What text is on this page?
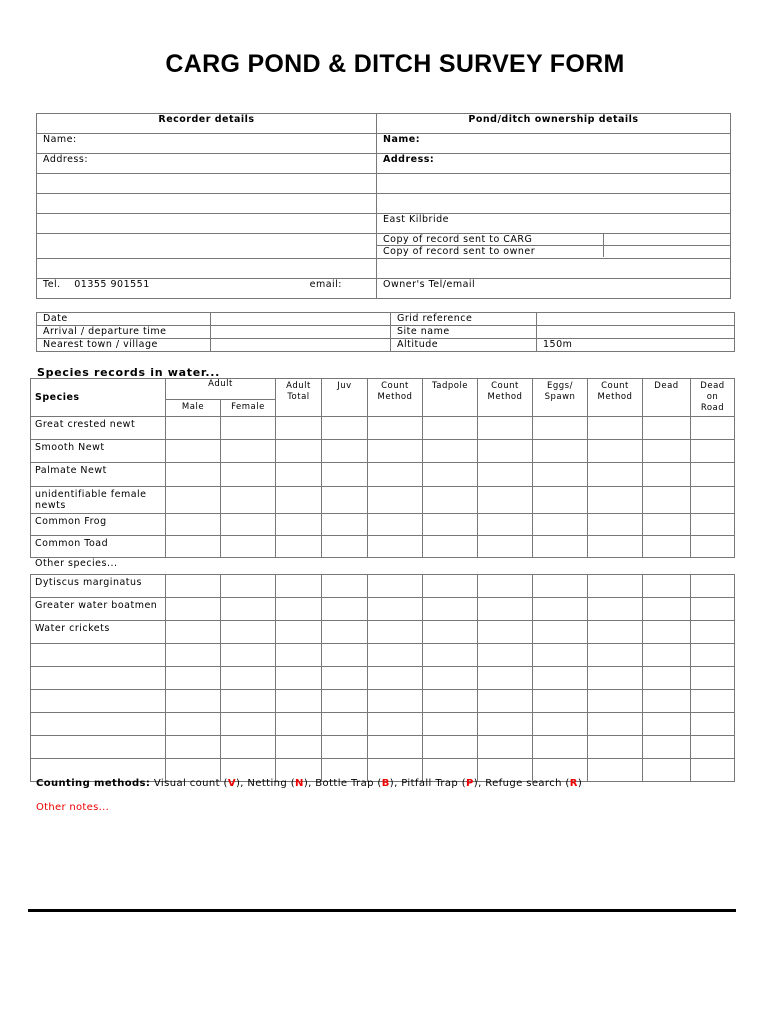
CARG POND & DITCH SURVEY FORM
Recorder details	Pond/ditch ownership details
Name:	Name:
Address:	Address:

	East Kilbride

Copy of record sent to CARG	
Copy of record sent to owner	

Tel. 01355 901551	email:	Owner's Tel/email
Date		Grid reference	
Arrival / departure time		Site name	
Nearest town / village		Altitude	150m
Species records in water...
Species	Adult		Adult Total	Juv	Count Method	Tadpole	Count Method	Eggs/ Spawn	Count Method	Dead	Dead on Road
	Male	Female									
Great crested newt											
Smooth Newt											
Palmate Newt											
unidentifiable female newts											
Common Frog											
Common Toad											
Other species...
Dytiscus marginatus											
Greater water boatmen											
Water crickets											

Counting methods: Visual count (V), Netting (N), Bottle Trap (B), Pitfall Trap (P), Refuge search (R)
Other notes...
